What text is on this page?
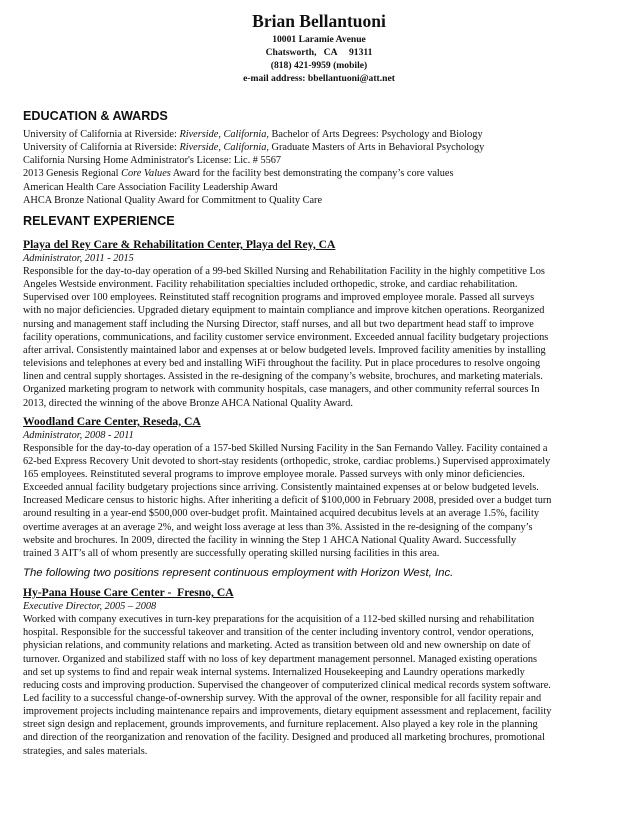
Brian Bellantuoni
10001 Laramie Avenue
Chatsworth,   CA     91311
(818) 421-9959 (mobile)
e-mail address: bbellantuoni@att.net
EDUCATION & AWARDS
University of California at Riverside: Riverside, California, Bachelor of Arts Degrees: Psychology and Biology
University of California at Riverside: Riverside, California, Graduate Masters of Arts in Behavioral Psychology
California Nursing Home Administrator's License: Lic. # 5567
2013 Genesis Regional Core Values Award for the facility best demonstrating the company’s core values
American Health Care Association Facility Leadership Award
AHCA Bronze National Quality Award for Commitment to Quality Care
RELEVANT EXPERIENCE
Playa del Rey Care & Rehabilitation Center, Playa del Rey, CA
Administrator, 2011 - 2015
Responsible for the day-to-day operation of a 99-bed Skilled Nursing and Rehabilitation Facility in the highly competitive Los
Angeles Westside environment. Facility rehabilitation specialties included orthopedic, stroke, and cardiac rehabilitation.
Supervised over 100 employees. Reinstituted staff recognition programs and improved employee morale. Passed all surveys
with no major deficiencies. Upgraded dietary equipment to maintain compliance and improve kitchen operations. Reorganized
nursing and management staff including the Nursing Director, staff nurses, and all but two department head staff to improve
facility operations, communications, and facility customer service environment. Exceeded annual facility budgetary projections
after arrival. Consistently maintained labor and expenses at or below budgeted levels. Improved facility amenities by installing
televisions and telephones at every bed and installing WiFi throughout the facility. Put in place procedures to resolve ongoing
linen and central supply shortages. Assisted in the re-designing of the company’s website, brochures, and marketing materials.
Organized marketing program to network with community hospitals, case managers, and other community referral sources In
2013, directed the winning of the above Bronze AHCA National Quality Award.
Woodland Care Center, Reseda, CA
Administrator, 2008 - 2011
Responsible for the day-to-day operation of a 157-bed Skilled Nursing Facility in the San Fernando Valley. Facility contained a
62-bed Express Recovery Unit devoted to short-stay residents (orthopedic, stroke, cardiac problems.) Supervised approximately
165 employees. Reinstituted several programs to improve employee morale. Passed surveys with only minor deficiencies.
Exceeded annual facility budgetary projections since arriving. Consistently maintained expenses at or below budgeted levels.
Increased Medicare census to historic highs. After inheriting a deficit of $100,000 in February 2008, presided over a budget turn
around resulting in a year-end $500,000 over-budget profit. Maintained acquired decubitus levels at an average 1.5%, facility
overtime averages at an average 2%, and weight loss average at less than 3%. Assisted in the re-designing of the company’s
website and brochures. In 2009, directed the facility in winning the Step 1 AHCA National Quality Award. Successfully
trained 3 AIT’s all of whom presently are successfully operating skilled nursing facilities in this area.
The following two positions represent continuous employment with Horizon West, Inc.
Hy-Pana House Care Center -  Fresno, CA
Executive Director, 2005 – 2008
Worked with company executives in turn-key preparations for the acquisition of a 112-bed skilled nursing and rehabilitation
hospital. Responsible for the successful takeover and transition of the center including inventory control, vendor operations,
physician relations, and community relations and marketing. Acted as transition between old and new ownership on date of
turnover. Organized and stabilized staff with no loss of key department management personnel. Managed existing operations
and set up systems to find and repair weak internal systems. Internalized Housekeeping and Laundry operations markedly
reducing costs and improving production. Supervised the changeover of computerized clinical medical records system software.
Led facility to a successful change-of-ownership survey. With the approval of the owner, responsible for all facility repair and
improvement projects including maintenance repairs and improvements, dietary equipment assessment and replacement, facility
street sign design and replacement, grounds improvements, and furniture replacement. Also played a key role in the planning
and direction of the reorganization and renovation of the facility. Designed and produced all marketing brochures, promotional
strategies, and sales materials.
